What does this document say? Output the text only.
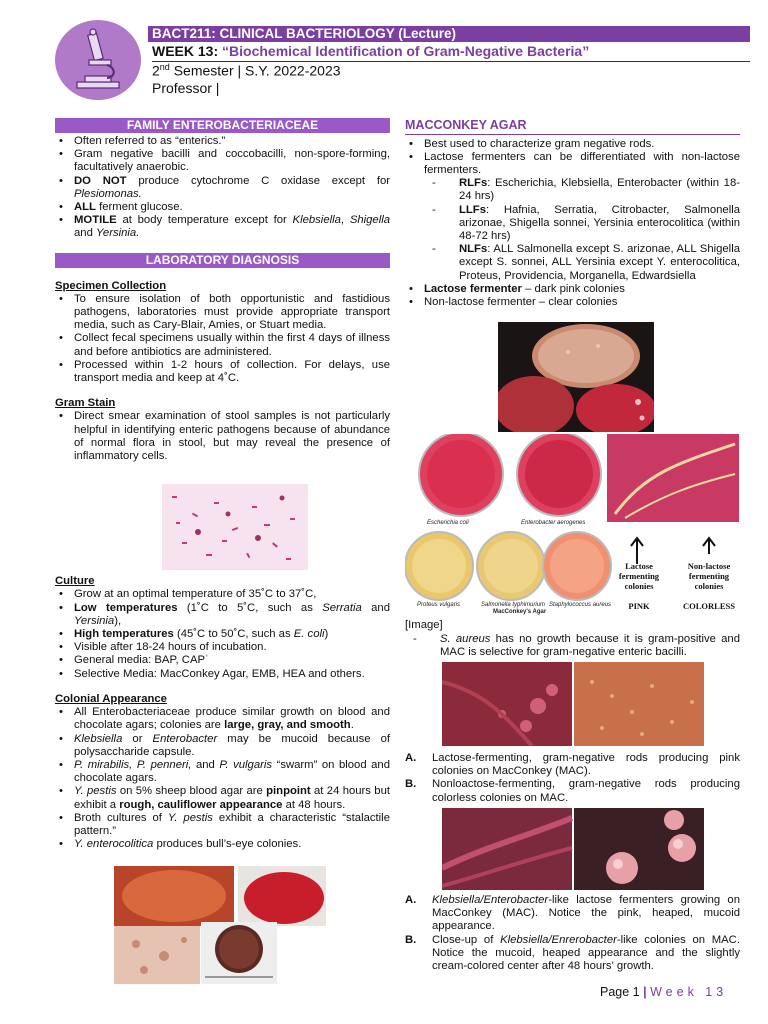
BACT211: CLINICAL BACTERIOLOGY (Lecture)
WEEK 13: “Biochemical Identification of Gram-Negative Bacteria”
2nd Semester | S.Y. 2022-2023
Professor |
FAMILY ENTEROBACTERIACEAE
• Often referred to as “enterics.”
• Gram negative bacilli and coccobacilli, non-spore-forming, facultatively anaerobic.
• DO NOT produce cytochrome C oxidase except for Plesiomonas.
• ALL ferment glucose.
• MOTILE at body temperature except for Klebsiella, Shigella and Yersinia.
LABORATORY DIAGNOSIS
Specimen Collection
• To ensure isolation of both opportunistic and fastidious pathogens, laboratories must provide appropriate transport media, such as Cary-Blair, Amies, or Stuart media.
• Collect fecal specimens usually within the first 4 days of illness and before antibiotics are administered.
• Processed within 1-2 hours of collection. For delays, use transport media and keep at 4˚C.
Gram Stain
• Direct smear examination of stool samples is not particularly helpful in identifying enteric pathogens because of abundance of normal flora in stool, but may reveal the presence of inflammatory cells.
Culture
• Grow at an optimal temperature of 35˚C to 37˚C,
• Low temperatures (1˚C to 5˚C, such as Serratia and Yersinia),
• High temperatures (45˚C to 50˚C, such as E. coli)
• Visible after 18-24 hours of incubation.
• General media: BAP, CAPˈ
• Selective Media: MacConkey Agar, EMB, HEA and others.
Colonial Appearance
• All Enterobacteriaceae produce similar growth on blood and chocolate agars; colonies are large, gray, and smooth.
• Klebsiella or Enterobacter may be mucoid because of polysaccharide capsule.
• P. mirabilis, P. penneri, and P. vulgaris “swarm” on blood and chocolate agars.
• Y. pestis on 5% sheep blood agar are pinpoint at 24 hours but exhibit a rough, cauliflower appearance at 48 hours.
• Broth cultures of Y. pestis exhibit a characteristic “stalactile pattern.”
• Y. enterocolitica produces bull’s-eye colonies.
MACCONKEY AGAR
• Best used to characterize gram negative rods.
• Lactose fermenters can be differentiated with non-lactose fermenters.
- RLFs: Escherichia, Klebsiella, Enterobacter (within 18-24 hrs)
- LLFs: Hafnia, Serratia, Citrobacter, Salmonella arizonae, Shigella sonnei, Yersinia enterocolitica (within 48-72 hrs)
- NLFs: ALL Salmonella except S. arizonae, ALL Shigella except S. sonnei, ALL Yersinia except Y. enterocolitica, Proteus, Providencia, Morganella, Edwardsiella
• Lactose fermenter – dark pink colonies
• Non-lactose fermenter – clear colonies
Escherichia coli	Enterobacter aerogenes
Proteus vulgaris	Salmonella typhimurium Staphylococcus aureus
MacConkey's Agar
Lactose fermenting colonies
Non-lactose fermenting colonies
PINK	COLORLESS
[Image]
- S. aureus has no growth because it is gram-positive and MAC is selective for gram-negative enteric bacilli.
A. Lactose-fermenting, gram-negative rods producing pink colonies on MacConkey (MAC).
B. Nonloactose-fermenting, gram-negative rods producing colorless colonies on MAC.
A. Klebsiella/Enterobacter-like lactose fermenters growing on MacConkey (MAC). Notice the pink, heaped, mucoid appearance.
B. Close-up of Klebsiella/Enrerobacter-like colonies on MAC. Notice the mucoid, heaped appearance and the slightly cream-colored center after 48 hours' growth.
Page 1 | Week 13
